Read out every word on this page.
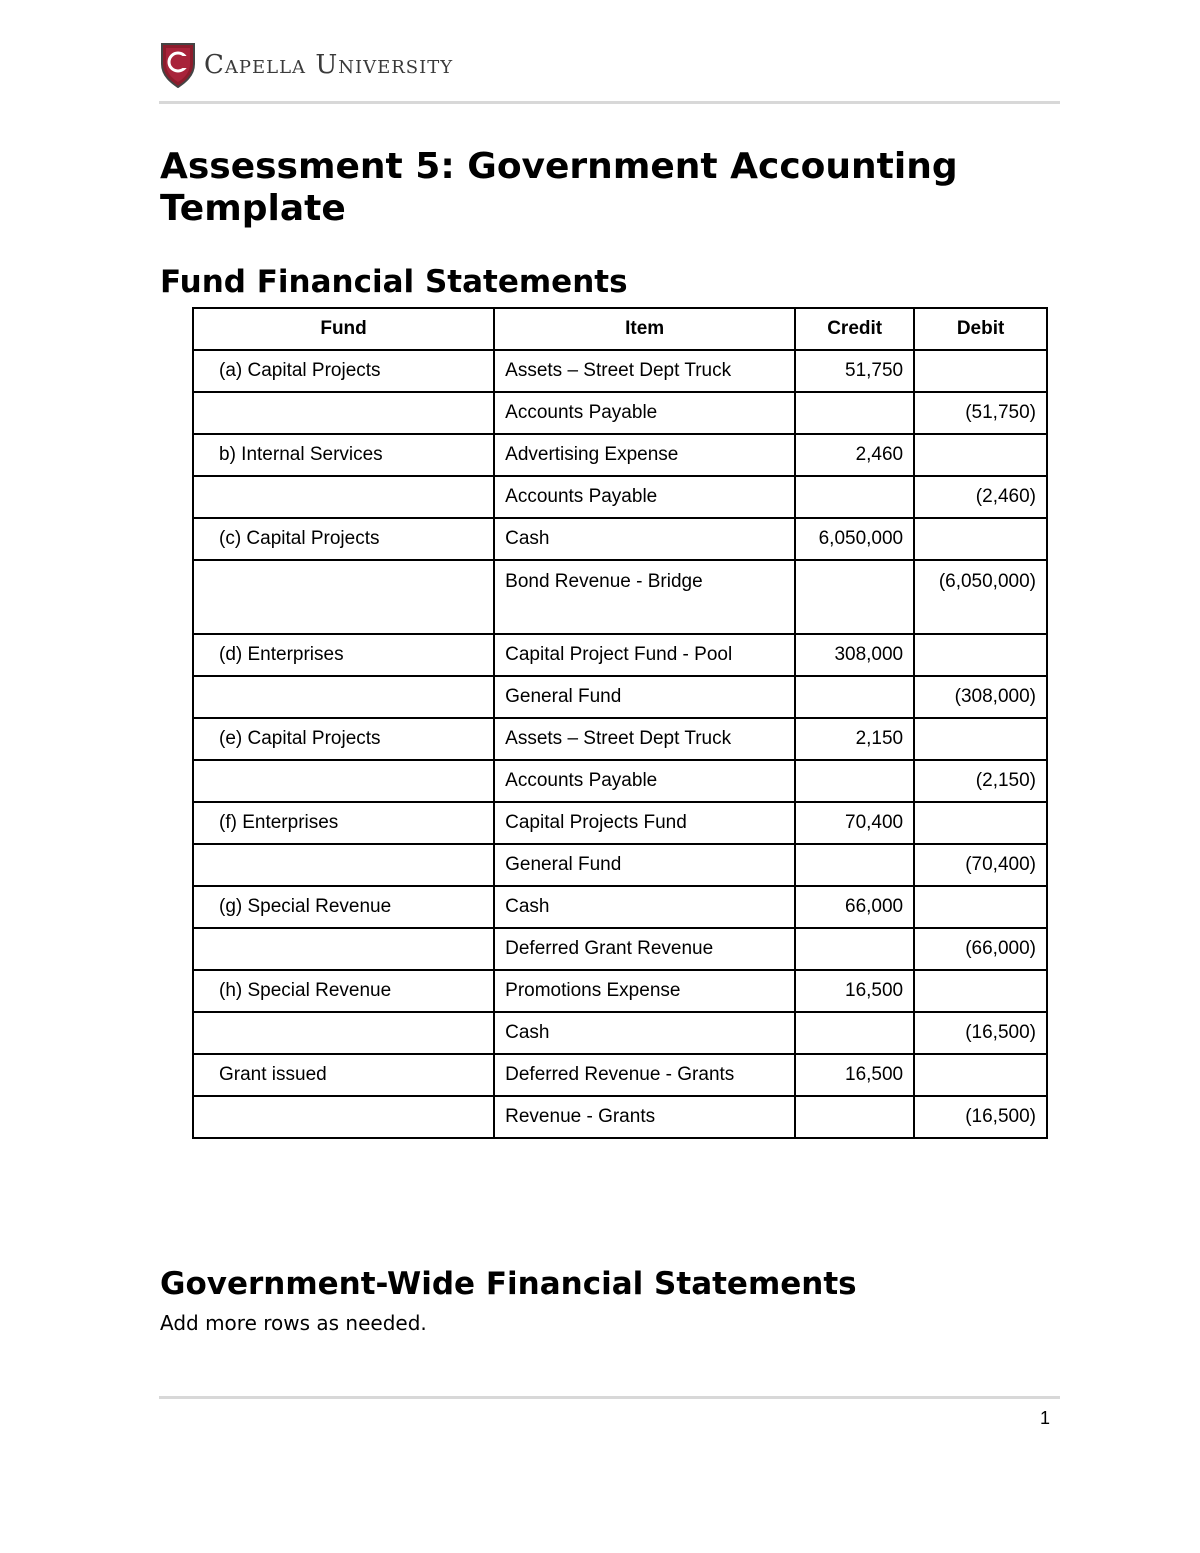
Capella University
Assessment 5: Government Accounting Template
Fund Financial Statements
Fund	Item	Credit	Debit
(a) Capital Projects	Assets – Street Dept Truck	51,750	
	Accounts Payable		(51,750)
b) Internal Services	Advertising Expense	2,460	
	Accounts Payable		(2,460)
(c) Capital Projects	Cash	6,050,000	
	Bond Revenue - Bridge		(6,050,000)
(d) Enterprises	Capital Project Fund - Pool	308,000	
	General Fund		(308,000)
(e) Capital Projects	Assets – Street Dept Truck	2,150	
	Accounts Payable		(2,150)
(f) Enterprises	Capital Projects Fund	70,400	
	General Fund		(70,400)
(g) Special Revenue	Cash	66,000	
	Deferred Grant Revenue		(66,000)
(h) Special Revenue	Promotions Expense	16,500	
	Cash		(16,500)
Grant issued	Deferred Revenue - Grants	16,500	
	Revenue - Grants		(16,500)
Government-Wide Financial Statements
Add more rows as needed.
1
